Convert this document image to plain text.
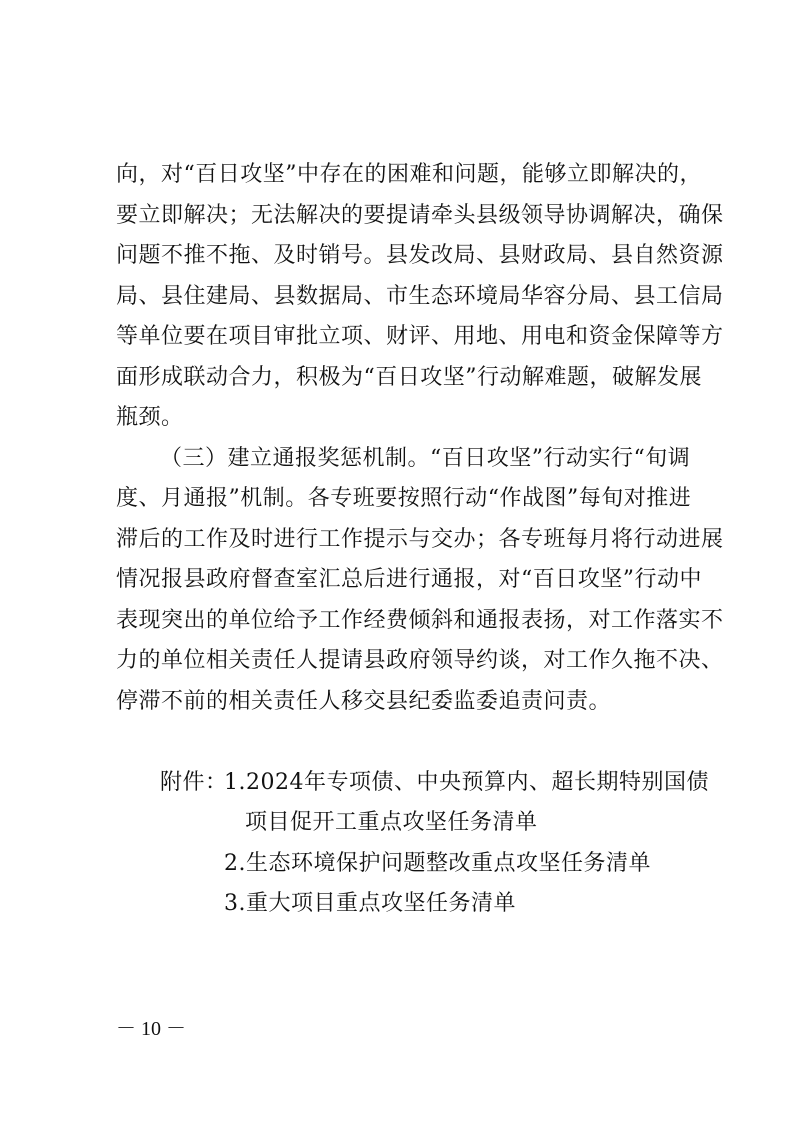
向，对“百日攻坚”中存在的困难和问题，能够立即解决的，
要立即解决；无法解决的要提请牵头县级领导协调解决，确保
问题不推不拖、及时销号。县发改局、县财政局、县自然资源
局、县住建局、县数据局、市生态环境局华容分局、县工信局
等单位要在项目审批立项、财评、用地、用电和资金保障等方
面形成联动合力，积极为“百日攻坚”行动解难题，破解发展
瓶颈。
（三）建立通报奖惩机制。“百日攻坚”行动实行“旬调
度、月通报”机制。各专班要按照行动“作战图”每旬对推进
滞后的工作及时进行工作提示与交办；各专班每月将行动进展
情况报县政府督查室汇总后进行通报，对“百日攻坚”行动中
表现突出的单位给予工作经费倾斜和通报表扬，对工作落实不
力的单位相关责任人提请县政府领导约谈，对工作久拖不决、
停滞不前的相关责任人移交县纪委监委追责问责。
附件：
1.2024年专项债、中央预算内、超长期特别国债
项目促开工重点攻坚任务清单
2.生态环境保护问题整改重点攻坚任务清单
3.重大项目重点攻坚任务清单
－ 10 －
